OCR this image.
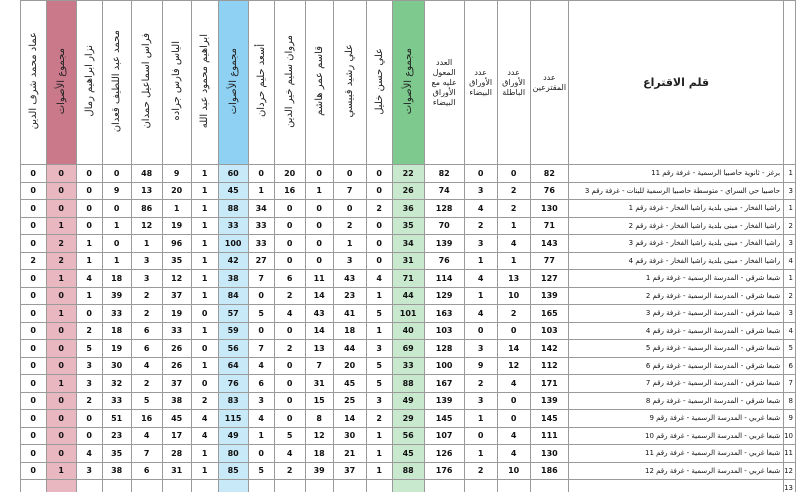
	قلم الاقتراع	عدد المقترعين	عدد الأوراق الباطلة	عدد الأوراق البيضاء	العدد المعول عليه مع الأوراق البيضاء	مجموع الأصوات	علي حسن خليل	علي رشيد قبيسي	قاسم عمر هاشم	مروان سليم خير الدين	أسعد حليم حردان	مجموع الأصوات	ابراهيم محمود عبد الله	الياس فارس جراده	فراس اسماعيل حمدان	محمد عبد اللطيف قعدان	نزار ابراهيم رمال	مجموع الأصوات	عماد محمد شرف الدين
1	برغز - ثانوية حاصبيا الرسمية - غرفة رقم 11	82	0	0	82	22	0	0	0	20	0	60	1	9	48	0	0	0	0
3	حاصبيا حي السراي - متوسطة حاصبيا الرسمية للبنات - غرفة رقم 3	76	2	3	74	26	0	7	1	16	1	45	1	20	13	9	0	0	0
1	راشيا الفخار - مبنى بلدية راشيا الفخار - غرفة رقم 1	130	2	4	128	36	2	0	0	0	34	88	1	1	86	0	0	0	0
2	راشيا الفخار - مبنى بلدية راشيا الفخار - غرفة رقم 2	71	1	2	70	35	0	2	0	0	33	33	1	19	12	1	0	1	0
3	راشيا الفخار - مبنى بلدية راشيا الفخار - غرفة رقم 3	143	4	3	139	34	0	1	0	0	33	100	1	96	1	0	1	2	0
4	راشيا الفخار - مبنى بلدية راشيا الفخار - غرفة رقم 4	77	1	1	76	31	0	3	0	0	27	42	1	35	3	1	1	2	2
1	شبعا شرقي - المدرسة الرسمية - غرفة رقم 1	127	13	4	114	71	4	43	11	6	7	38	1	12	3	18	4	1	0
2	شبعا شرقي - المدرسة الرسمية - غرفة رقم 2	139	10	1	129	44	1	23	14	2	0	84	1	37	2	39	1	0	0
3	شبعا شرقي - المدرسة الرسمية - غرفة رقم 3	165	2	4	163	101	5	41	43	4	5	57	0	19	2	33	0	1	0
4	شبعا شرقي - المدرسة الرسمية - غرفة رقم 4	103	0	0	103	40	1	18	14	0	0	59	1	33	6	18	2	0	0
5	شبعا شرقي - المدرسة الرسمية - غرفة رقم 5	142	14	3	128	69	3	44	13	2	7	56	0	26	6	19	5	0	0
6	شبعا شرقي - المدرسة الرسمية - غرفة رقم 6	112	12	9	100	33	5	20	7	0	4	64	1	26	4	30	3	0	0
7	شبعا شرقي - المدرسة الرسمية - غرفة رقم 7	171	4	2	167	88	5	45	31	0	6	76	0	37	2	32	3	1	0
8	شبعا شرقي - المدرسة الرسمية - غرفة رقم 8	139	0	3	139	49	3	25	15	0	3	83	2	38	5	33	2	0	0
9	شبعا غربي - المدرسة الرسمية - غرفة رقم 9	145	0	1	145	29	2	14	8	0	4	115	4	45	16	51	0	0	0
10	شبعا غربي - المدرسة الرسمية - غرفة رقم 10	111	4	0	107	56	1	30	12	5	1	49	4	17	4	23	0	0	0
11	شبعا غربي - المدرسة الرسمية - غرفة رقم 11	130	4	1	126	45	1	21	18	4	0	80	1	28	7	35	4	0	0
12	شبعا غربي - المدرسة الرسمية - غرفة رقم 12	186	10	2	176	88	1	37	39	2	5	85	1	31	6	38	3	1	0
13																			
